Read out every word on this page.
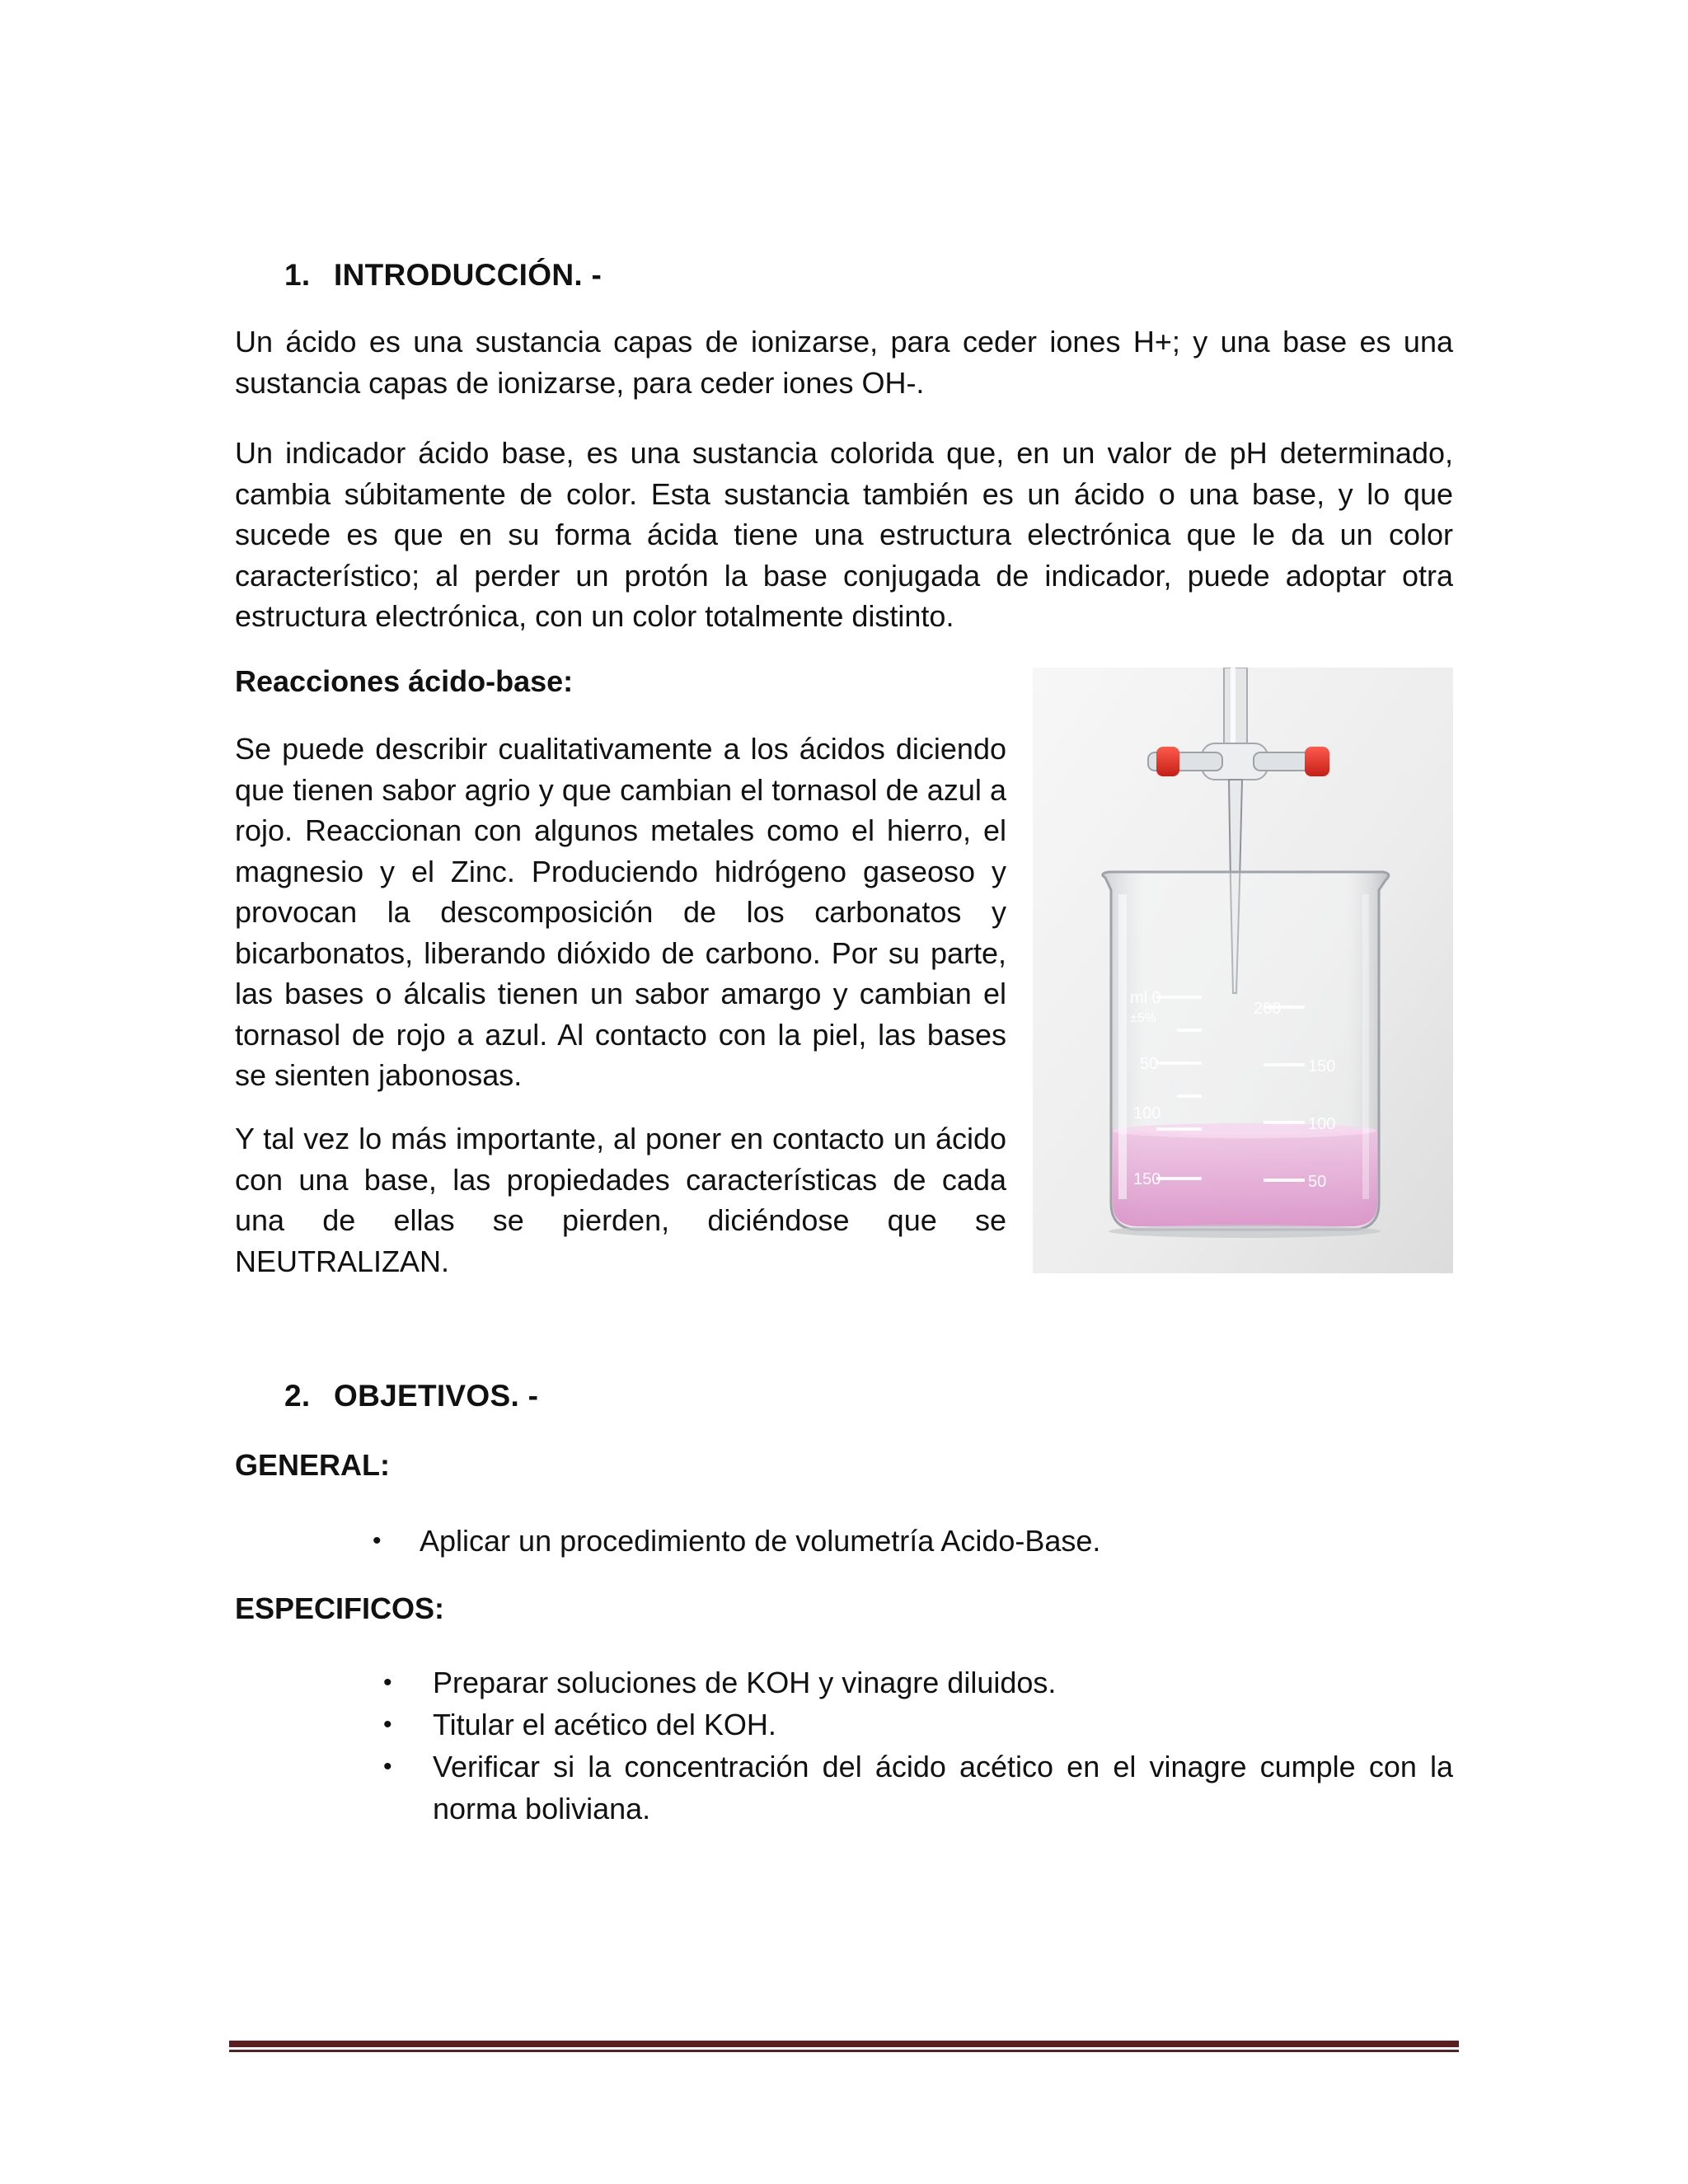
1. INTRODUCCIÓN. -

Un ácido es una sustancia capas de ionizarse, para ceder iones H+; y una base es una sustancia capas de ionizarse, para ceder iones OH-.

Un indicador ácido base, es una sustancia colorida que, en un valor de pH determinado, cambia súbitamente de color. Esta sustancia también es un ácido o una base, y lo que sucede es que en su forma ácida tiene una estructura electrónica que le da un color característico; al perder un protón la base conjugada de indicador, puede adoptar otra estructura electrónica, con un color totalmente distinto.

Reacciones ácido-base:

Se puede describir cualitativamente a los ácidos diciendo que tienen sabor agrio y que cambian el tornasol de azul a rojo. Reaccionan con algunos metales como el hierro, el magnesio y el Zinc. Produciendo hidrógeno gaseoso y provocan la descomposición de los carbonatos y bicarbonatos, liberando dióxido de carbono. Por su parte, las bases o álcalis tienen un sabor amargo y cambian el tornasol de rojo a azul. Al contacto con la piel, las bases se sienten jabonosas.

Y tal vez lo más importante, al poner en contacto un ácido con una base, las propiedades características de cada una de ellas se pierden, diciéndose que se NEUTRALIZAN.

ml 0
±5%
50
100
150
200
150
100
50
2. OBJETIVOS. -
GENERAL:
• Aplicar un procedimiento de volumetría Acido-Base.
ESPECIFICOS:
• Preparar soluciones de KOH y vinagre diluidos.
• Titular el acético del KOH.
• Verificar si la concentración del ácido acético en el vinagre cumple con la norma boliviana.
